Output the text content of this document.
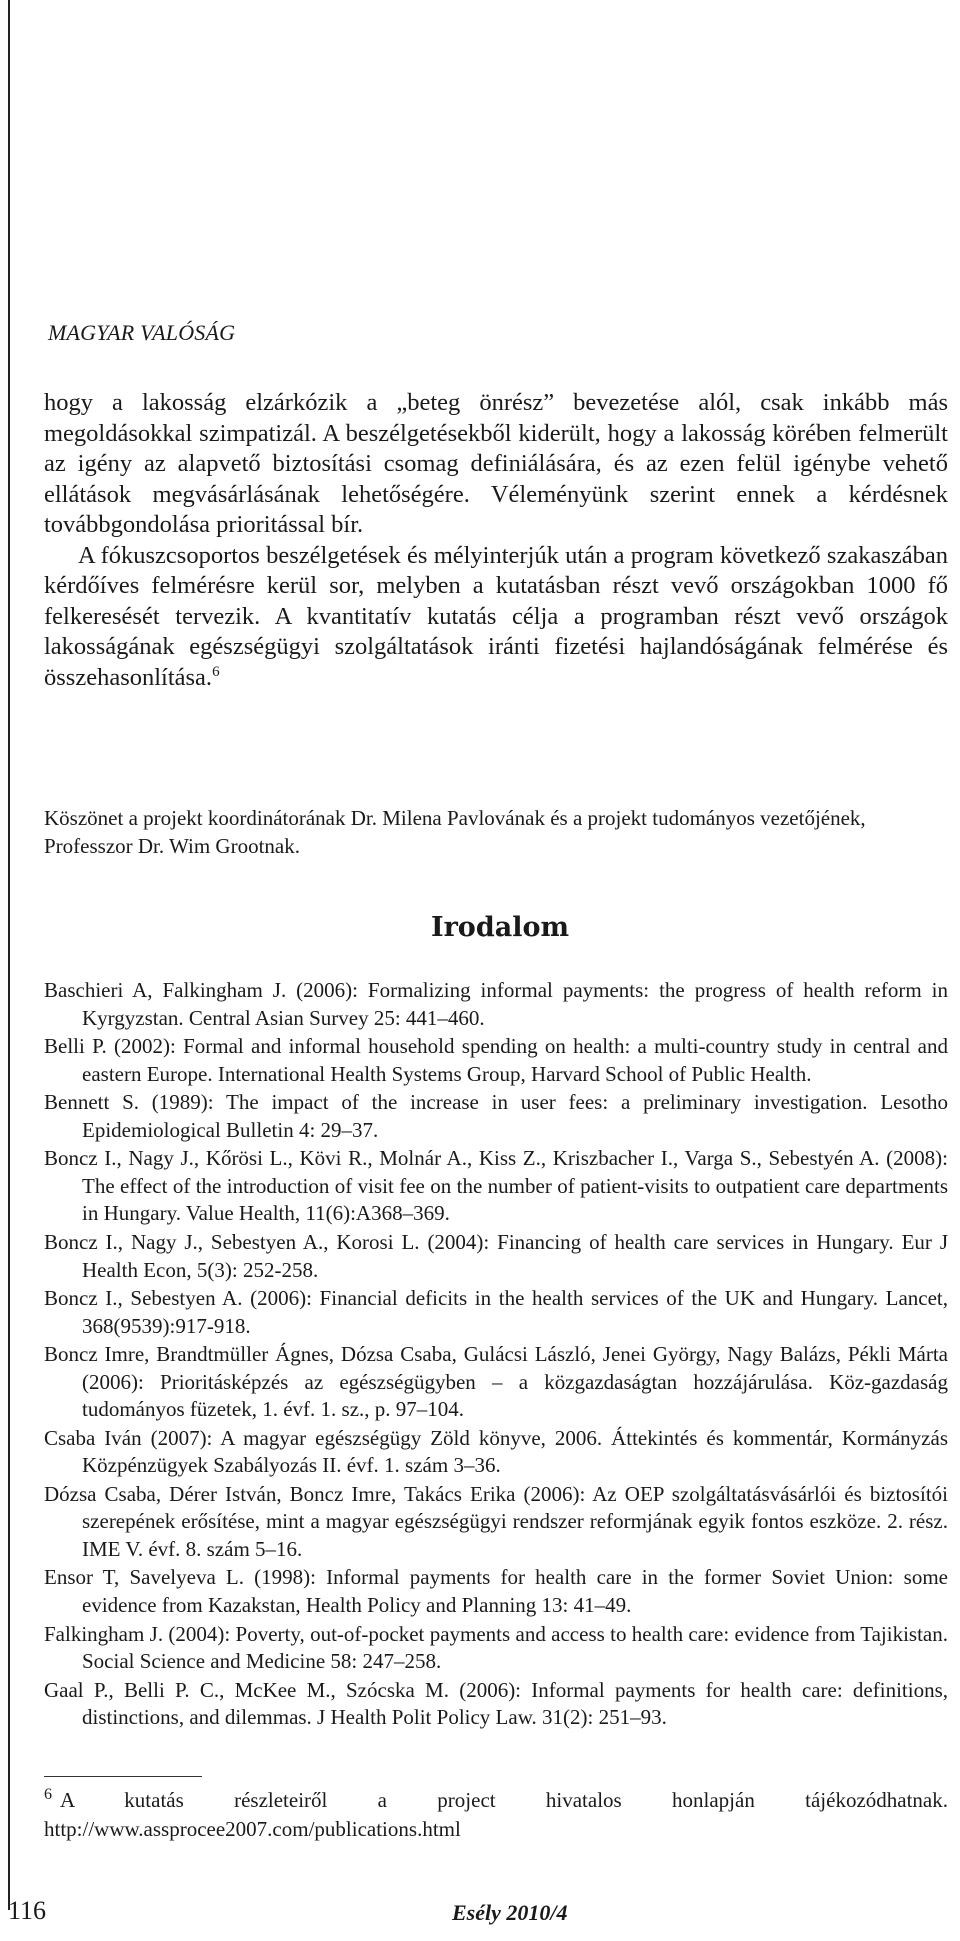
MAGYAR VALÓSÁG

hogy a lakosság elzárkózik a „beteg önrész” bevezetése alól, csak inkább más megoldásokkal szimpatizál. A beszélgetésekből kiderült, hogy a lakosság körében felmerült az igény az alapvető biztosítási csomag definiálására, és az ezen felül igénybe vehető ellátások megvásárlásának lehetőségére. Véleményünk szerint ennek a kérdésnek továbbgondolása prioritással bír.

A fókuszcsoportos beszélgetések és mélyinterjúk után a program következő szakaszában kérdőíves felmérésre kerül sor, melyben a kutatásban részt vevő országokban 1000 fő felkeresését tervezik. A kvantitatív kutatás célja a programban részt vevő országok lakosságának egészségügyi szolgáltatások iránti fizetési hajlandóságának felmérése és összehasonlítása.$^6$

Köszönet a projekt koordinátorának Dr. Milena Pavlovának és a projekt tudományos vezetőjének, Professzor Dr. Wim Grootnak.
Irodalom
Baschieri A, Falkingham J. (2006): Formalizing informal payments: the progress of health reform in Kyrgyzstan. Central Asian Survey 25: 441–460.
Belli P. (2002): Formal and informal household spending on health: a multi-country study in central and eastern Europe. International Health Systems Group, Harvard School of Public Health.
Bennett S. (1989): The impact of the increase in user fees: a preliminary investigation. Lesotho Epidemiological Bulletin 4: 29–37.
Boncz I., Nagy J., Kőrösi L., Kövi R., Molnár A., Kiss Z., Kriszbacher I., Varga S., Sebestyén A. (2008): The effect of the introduction of visit fee on the number of patient-visits to outpatient care departments in Hungary. Value Health, 11(6):A368–369.
Boncz I., Nagy J., Sebestyen A., Korosi L. (2004): Financing of health care services in Hungary. Eur J Health Econ, 5(3): 252-258.
Boncz I., Sebestyen A. (2006): Financial deficits in the health services of the UK and Hungary. Lancet, 368(9539):917-918.
Boncz Imre, Brandtmüller Ágnes, Dózsa Csaba, Gulácsi László, Jenei György, Nagy Balázs, Pékli Márta (2006): Prioritásképzés az egészségügyben – a közgazdaságtan hozzájárulása. Köz-gazdaság tudományos füzetek, 1. évf. 1. sz., p. 97–104.
Csaba Iván (2007): A magyar egészségügy Zöld könyve, 2006. Áttekintés és kommentár, Kormányzás Közpénzügyek Szabályozás II. évf. 1. szám 3–36.
Dózsa Csaba, Dérer István, Boncz Imre, Takács Erika (2006): Az OEP szolgáltatásvásárlói és biztosítói szerepének erősítése, mint a magyar egészségügyi rendszer reformjának egyik fontos eszköze. 2. rész. IME V. évf. 8. szám 5–16.
Ensor T, Savelyeva L. (1998): Informal payments for health care in the former Soviet Union: some evidence from Kazakstan, Health Policy and Planning 13: 41–49.
Falkingham J. (2004): Poverty, out-of-pocket payments and access to health care: evidence from Tajikistan. Social Science and Medicine 58: 247–258.
Gaal P., Belli P. C., McKee M., Szócska M. (2006): Informal payments for health care: definitions, distinctions, and dilemmas. J Health Polit Policy Law. 31(2): 251–93.
$^6$ A kutatás részleteiről a project hivatalos honlapján tájékozódhatnak. http://www.assprocee2007.com/publications.html
116	Esély 2010/4
